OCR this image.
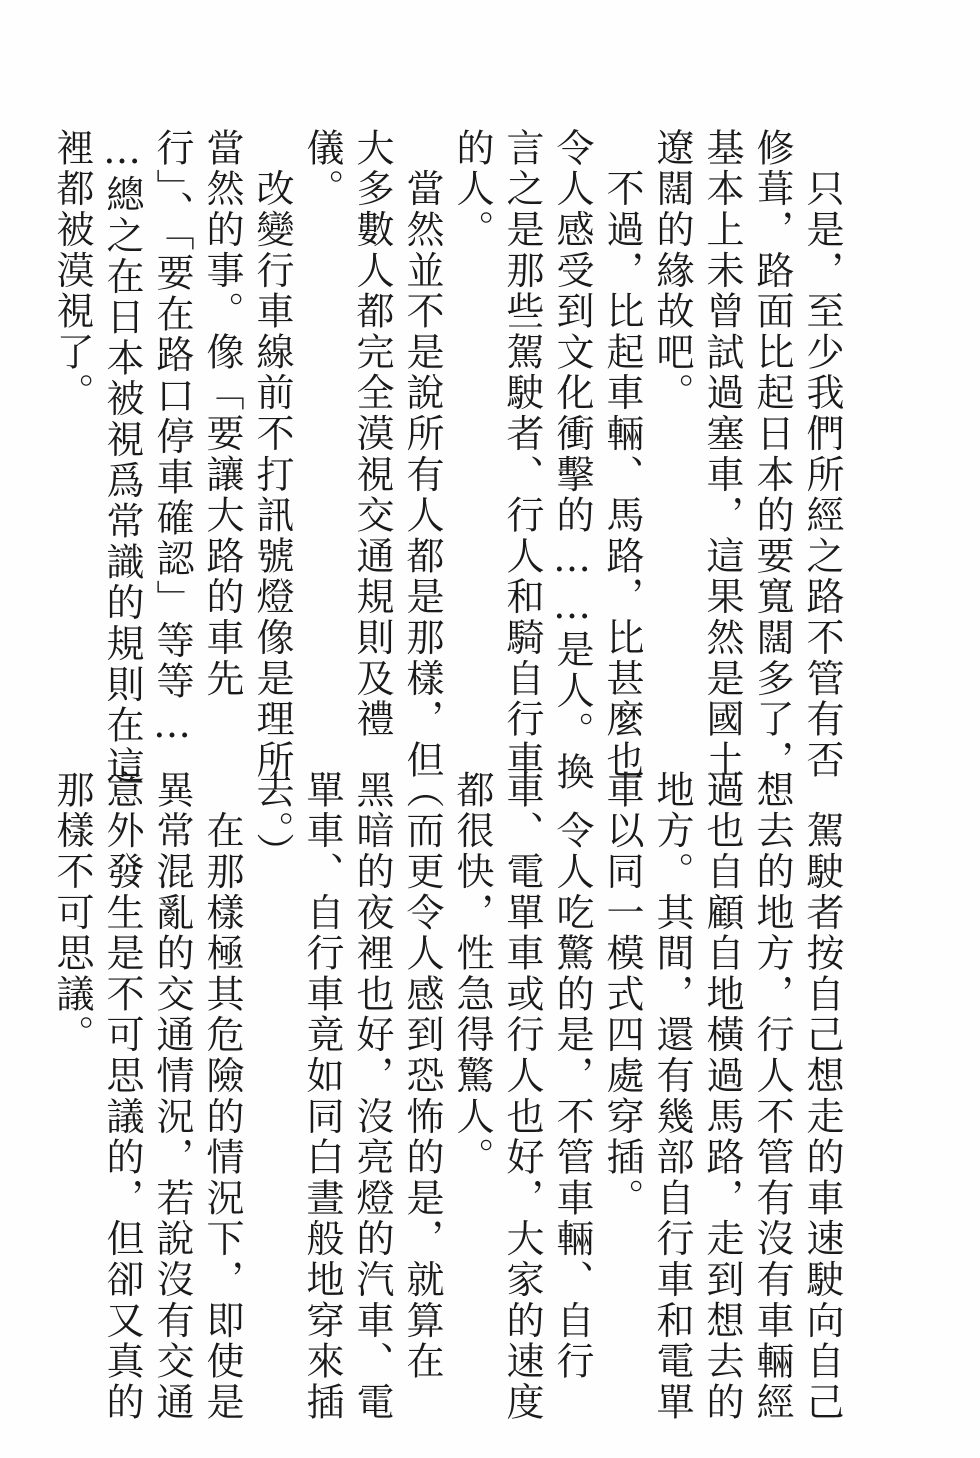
　只是，至少我們所經之路不管有否
修葺，路面比起日本的要寬闊多了，
基本上未曾試過塞車，這果然是國土
遼闊的緣故吧。
　不過，比起車輛、馬路，比甚麼也
令人感受到文化衝擊的……是人。換
言之是那些駕駛者、行人和騎自行車
的人。
　當然並不是說所有人都是那樣，但
大多數人都完全漠視交通規則及禮
儀。
　改變行車線前不打訊號燈像是理所
當然的事。像「要讓大路的車先
行」、「要在路口停車確認」等等…
…總之在日本被視爲常識的規則在這
裡都被漠視了。
　駕駛者按自己想走的車速駛向自己
想去的地方，行人不管有沒有車輛經
過也自顧自地橫過馬路，走到想去的
地方。其間，還有幾部自行車和電單
車以同一模式四處穿插。
　令人吃驚的是，不管車輛、自行
車、電單車或行人也好，大家的速度
都很快，性急得驚人。
（而更令人感到恐怖的是，就算在
黑暗的夜裡也好，沒亮燈的汽車、電
單車、自行車竟如同白晝般地穿來插
去。）
　在那樣極其危險的情況下，即使是
異常混亂的交通情況，若說沒有交通
意外發生是不可思議的，但卻又真的
那樣不可思議。
